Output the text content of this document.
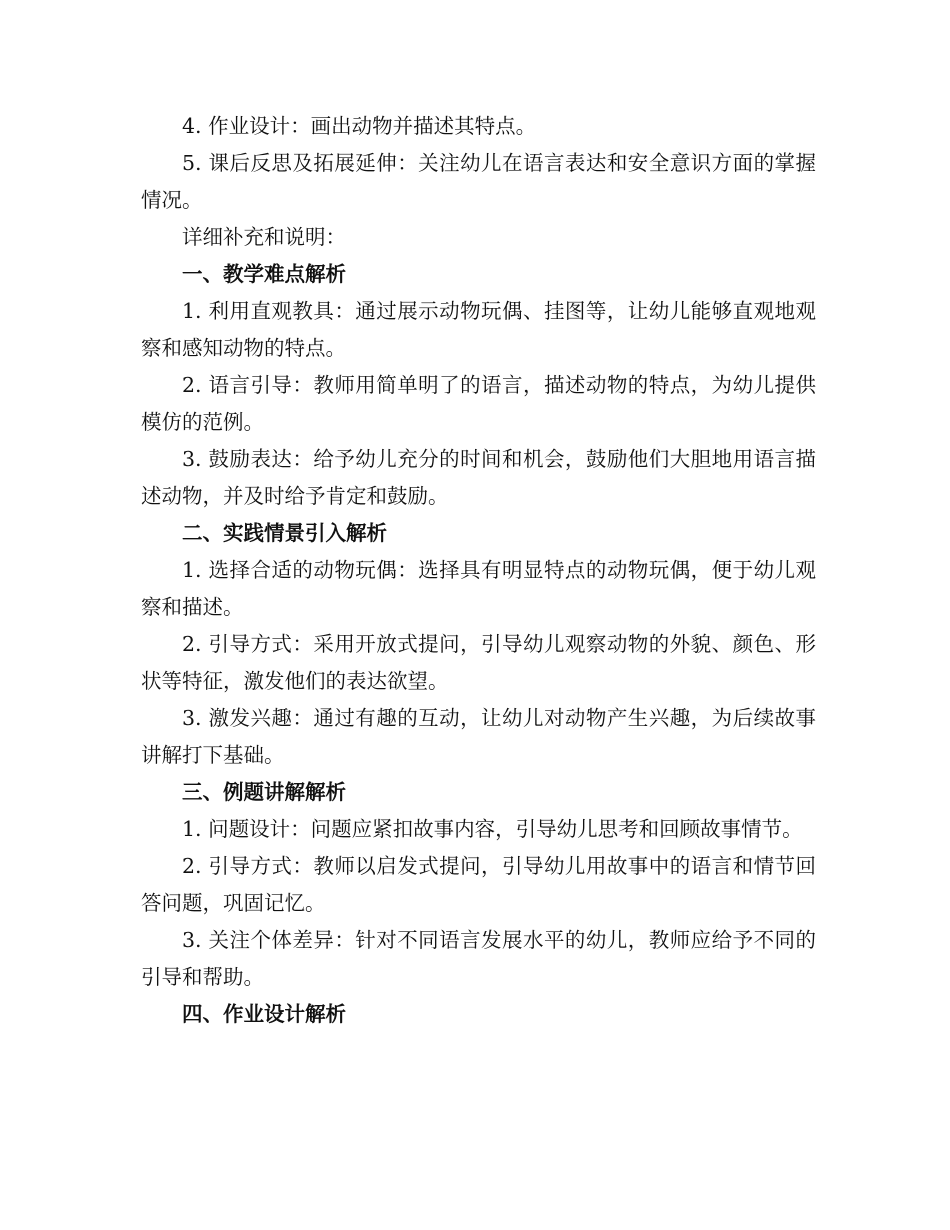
4. 作业设计：画出动物并描述其特点。

5. 课后反思及拓展延伸：关注幼儿在语言表达和安全意识方面的掌握情况。

详细补充和说明：

一、教学难点解析

1. 利用直观教具：通过展示动物玩偶、挂图等，让幼儿能够直观地观察和感知动物的特点。

2. 语言引导：教师用简单明了的语言，描述动物的特点，为幼儿提供模仿的范例。

3. 鼓励表达：给予幼儿充分的时间和机会，鼓励他们大胆地用语言描述动物，并及时给予肯定和鼓励。

二、实践情景引入解析

1. 选择合适的动物玩偶：选择具有明显特点的动物玩偶，便于幼儿观察和描述。

2. 引导方式：采用开放式提问，引导幼儿观察动物的外貌、颜色、形状等特征，激发他们的表达欲望。

3. 激发兴趣：通过有趣的互动，让幼儿对动物产生兴趣，为后续故事讲解打下基础。

三、例题讲解解析

1. 问题设计：问题应紧扣故事内容，引导幼儿思考和回顾故事情节。

2. 引导方式：教师以启发式提问，引导幼儿用故事中的语言和情节回答问题，巩固记忆。

3. 关注个体差异：针对不同语言发展水平的幼儿，教师应给予不同的引导和帮助。

四、作业设计解析
